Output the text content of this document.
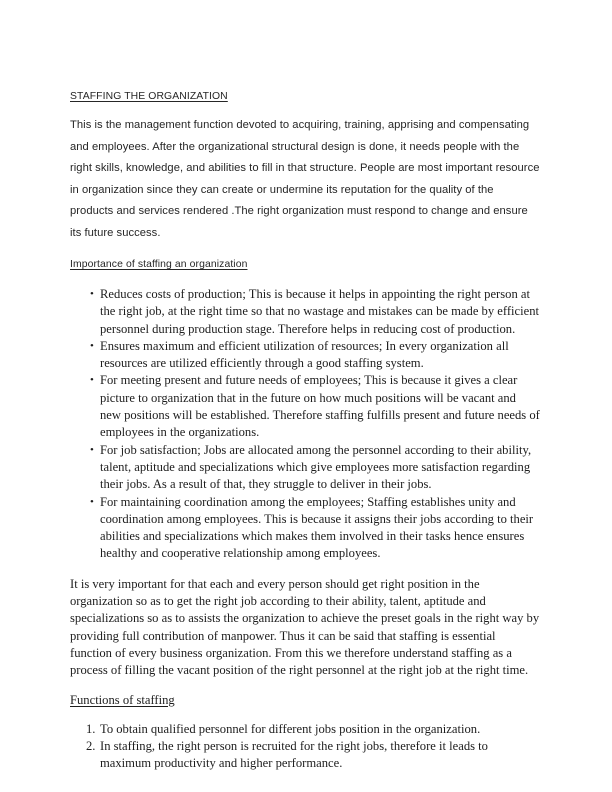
STAFFING THE ORGANIZATION

This is the management function devoted to acquiring, training, apprising and compensating and employees. After the organizational structural design is done, it needs people with the right skills, knowledge, and abilities to fill in that structure. People are most important resource in organization since they can create or undermine its reputation for the quality of the products and services rendered .The right organization must respond to change and ensure its future success.

Importance of staffing an organization
• Reduces costs of production; This is because it helps in appointing the right person at the right job, at the right time so that no wastage and mistakes can be made by efficient personnel during production stage. Therefore helps in reducing cost of production.
• Ensures maximum and efficient utilization of resources; In every organization all resources are utilized efficiently through a good staffing system.
• For meeting present and future needs of employees; This is because it gives a clear picture to organization that in the future on how much positions will be vacant and new positions will be established. Therefore staffing fulfills present and future needs of employees in the organizations.
• For job satisfaction; Jobs are allocated among the personnel according to their ability, talent, aptitude and specializations which give employees more satisfaction regarding their jobs. As a result of that, they struggle to deliver in their jobs.
• For maintaining coordination among the employees; Staffing establishes unity and coordination among employees. This is because it assigns their jobs according to their abilities and specializations which makes them involved in their tasks hence ensures healthy and cooperative relationship among employees.

It is very important for that each and every person should get right position in the organization so as to get the right job according to their ability, talent, aptitude and specializations so as to assists the organization to achieve the preset goals in the right way by providing full contribution of manpower. Thus it can be said that staffing is essential function of every business organization. From this we therefore understand staffing as a process of filling the vacant position of the right personnel at the right job at the right time.

Functions of staffing
1. To obtain qualified personnel for different jobs position in the organization.
2. In staffing, the right person is recruited for the right jobs, therefore it leads to maximum productivity and higher performance.
